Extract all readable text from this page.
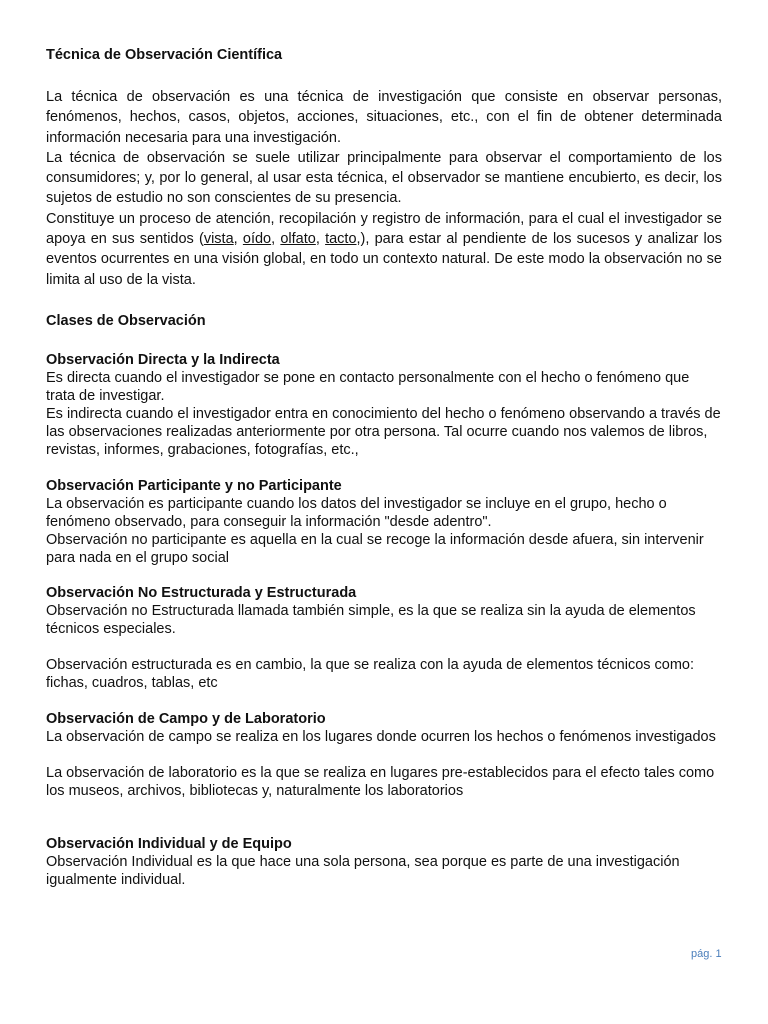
Técnica de Observación Científica

La técnica de observación es una técnica de investigación que consiste en observar personas, fenómenos, hechos, casos, objetos, acciones, situaciones, etc., con el fin de obtener determinada información necesaria para una investigación.

La técnica de observación se suele utilizar principalmente para observar el comportamiento de los consumidores; y, por lo general, al usar esta técnica, el observador se mantiene encubierto, es decir, los sujetos de estudio no son conscientes de su presencia.

Constituye un proceso de atención, recopilación y registro de información, para el cual el investigador se apoya en sus sentidos (vista, oído, olfato, tacto,), para estar al pendiente de los sucesos y analizar los eventos ocurrentes en una visión global, en todo un contexto natural. De este modo la observación no se limita al uso de la vista.

Clases de Observación
Observación Directa y la Indirecta

Es directa cuando el investigador se pone en contacto personalmente con el hecho o fenómeno que trata de investigar.

Es indirecta cuando el investigador entra en conocimiento del hecho o fenómeno observando a través de las observaciones realizadas anteriormente por otra persona. Tal ocurre cuando nos valemos de libros, revistas, informes, grabaciones, fotografías, etc.,

Observación Participante y no Participante

La observación es participante cuando los datos del investigador se incluye en el grupo, hecho o fenómeno observado, para conseguir la información "desde adentro".

Observación no participante es aquella en la cual se recoge la información desde afuera, sin intervenir para nada en el grupo social

Observación No Estructurada y Estructurada

Observación no Estructurada llamada también simple, es la que se realiza sin la ayuda de elementos técnicos especiales.

Observación estructurada es en cambio, la que se realiza con la ayuda de elementos técnicos como: fichas, cuadros, tablas, etc

Observación de Campo y de Laboratorio

La observación de campo se realiza en los lugares donde ocurren los hechos o fenómenos investigados

La observación de laboratorio es la que se realiza en lugares pre-establecidos para el efecto tales como los museos, archivos, bibliotecas y, naturalmente los laboratorios

Observación Individual y de Equipo

Observación Individual es la que hace una sola persona, sea porque es parte de una investigación igualmente individual.

pág. 1
